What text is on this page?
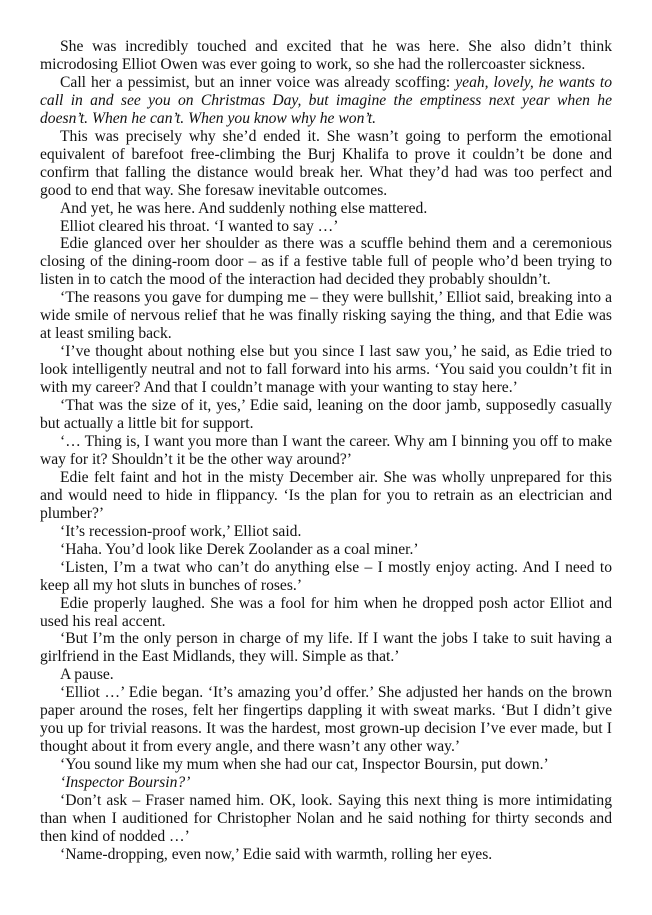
She was incredibly touched and excited that he was here. She also didn’t think microdosing Elliot Owen was ever going to work, so she had the rollercoaster sickness.

Call her a pessimist, but an inner voice was already scoffing: yeah, lovely, he wants to call in and see you on Christmas Day, but imagine the emptiness next year when he doesn’t. When he can’t. When you know why he won’t.

This was precisely why she’d ended it. She wasn’t going to perform the emotional equivalent of barefoot free-climbing the Burj Khalifa to prove it couldn’t be done and confirm that falling the distance would break her. What they’d had was too perfect and good to end that way. She foresaw inevitable outcomes.

And yet, he was here. And suddenly nothing else mattered.

Elliot cleared his throat. ‘I wanted to say …’

Edie glanced over her shoulder as there was a scuffle behind them and a ceremonious closing of the dining-room door – as if a festive table full of people who’d been trying to listen in to catch the mood of the interaction had decided they probably shouldn’t.

‘The reasons you gave for dumping me – they were bullshit,’ Elliot said, breaking into a wide smile of nervous relief that he was finally risking saying the thing, and that Edie was at least smiling back.

‘I’ve thought about nothing else but you since I last saw you,’ he said, as Edie tried to look intelligently neutral and not to fall forward into his arms. ‘You said you couldn’t fit in with my career? And that I couldn’t manage with your wanting to stay here.’

‘That was the size of it, yes,’ Edie said, leaning on the door jamb, supposedly casually but actually a little bit for support.

‘… Thing is, I want you more than I want the career. Why am I binning you off to make way for it? Shouldn’t it be the other way around?’

Edie felt faint and hot in the misty December air. She was wholly unprepared for this and would need to hide in flippancy. ‘Is the plan for you to retrain as an electrician and plumber?’

‘It’s recession-proof work,’ Elliot said.

‘Haha. You’d look like Derek Zoolander as a coal miner.’

‘Listen, I’m a twat who can’t do anything else – I mostly enjoy acting. And I need to keep all my hot sluts in bunches of roses.’

Edie properly laughed. She was a fool for him when he dropped posh actor Elliot and used his real accent.

‘But I’m the only person in charge of my life. If I want the jobs I take to suit having a girlfriend in the East Midlands, they will. Simple as that.’

A pause.

‘Elliot …’ Edie began. ‘It’s amazing you’d offer.’ She adjusted her hands on the brown paper around the roses, felt her fingertips dappling it with sweat marks. ‘But I didn’t give you up for trivial reasons. It was the hardest, most grown-up decision I’ve ever made, but I thought about it from every angle, and there wasn’t any other way.’

‘You sound like my mum when she had our cat, Inspector Boursin, put down.’

‘Inspector Boursin?’

‘Don’t ask – Fraser named him. OK, look. Saying this next thing is more intimidating than when I auditioned for Christopher Nolan and he said nothing for thirty seconds and then kind of nodded …’

‘Name-dropping, even now,’ Edie said with warmth, rolling her eyes.
